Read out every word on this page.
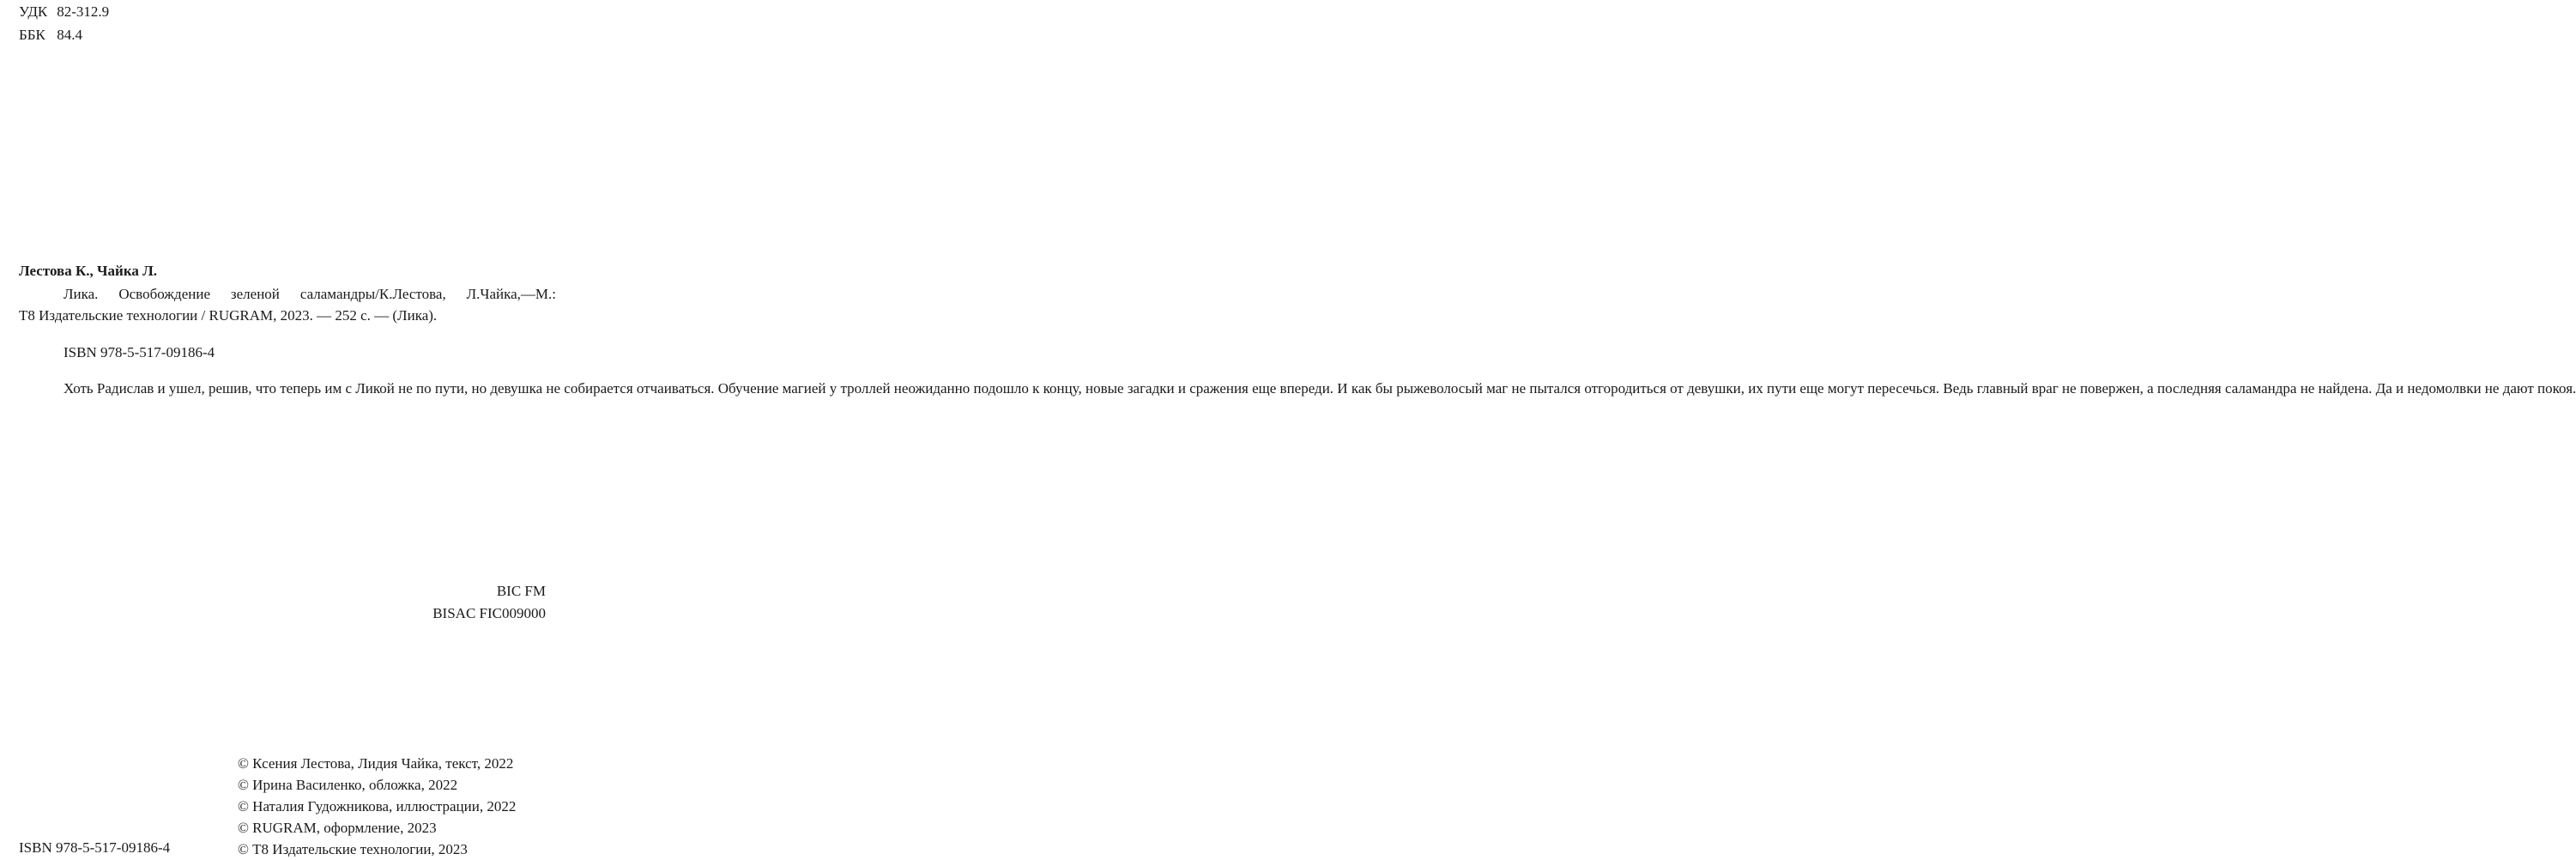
УДК 82-312.9
ББК 84.4
Лестова К., Чайка Л.

Лика. Освобождение зеленой саламандры/К.Лестова, Л.Чайка,—М.:

Т8 Издательские технологии / RUGRAM, 2023. — 252 с. — (Лика).

ISBN 978-5-517-09186-4

Хоть Радислав и ушел, решив, что теперь им с Ликой не по пути, но девушка не собирается отчаиваться. Обучение магией у троллей неожиданно подошло к концу, новые загадки и сражения еще впереди. И как бы рыжеволосый маг не пытался отгородиться от девушки, их пути еще могут пересечься. Ведь главный враг не повержен, а последняя саламандра не найдена. Да и недомолвки не дают покоя.

BIC FM
BISAC FIC009000
© Ксения Лестова, Лидия Чайка, текст, 2022
© Ирина Василенко, обложка, 2022
© Наталия Гудожникова, иллюстрации, 2022
© RUGRAM, оформление, 2023
© Т8 Издательские технологии, 2023
ISBN 978-5-517-09186-4
